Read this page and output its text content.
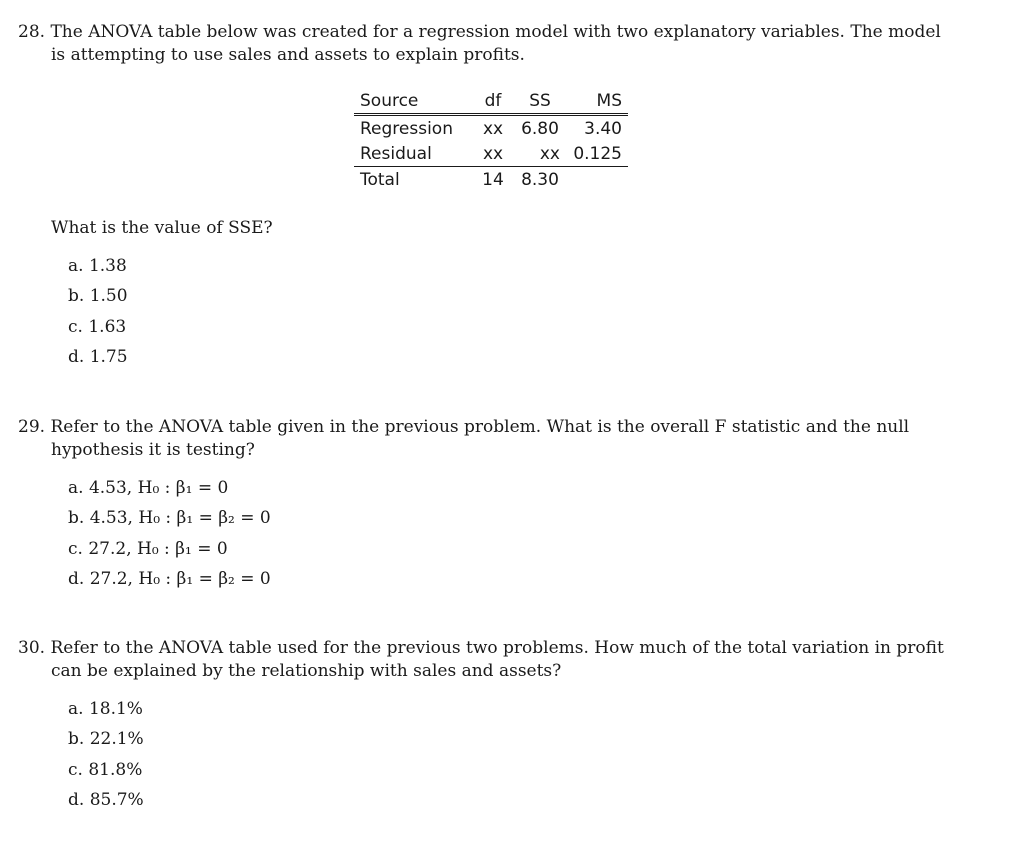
28. The ANOVA table below was created for a regression model with two explanatory variables. The model
is attempting to use sales and assets to explain profits.
Source	df	SS	MS
Regression	xx	6.80	3.40
Residual	xx	xx	0.125
Total	14	8.30	
What is the value of SSE?
a. 1.38
b. 1.50
c. 1.63
d. 1.75
29. Refer to the ANOVA table given in the previous problem. What is the overall F statistic and the null
hypothesis it is testing?
a. 4.53, H₀ : β₁ = 0
b. 4.53, H₀ : β₁ = β₂ = 0
c. 27.2, H₀ : β₁ = 0
d. 27.2, H₀ : β₁ = β₂ = 0
30. Refer to the ANOVA table used for the previous two problems. How much of the total variation in profit
can be explained by the relationship with sales and assets?
a. 18.1%
b. 22.1%
c. 81.8%
d. 85.7%
